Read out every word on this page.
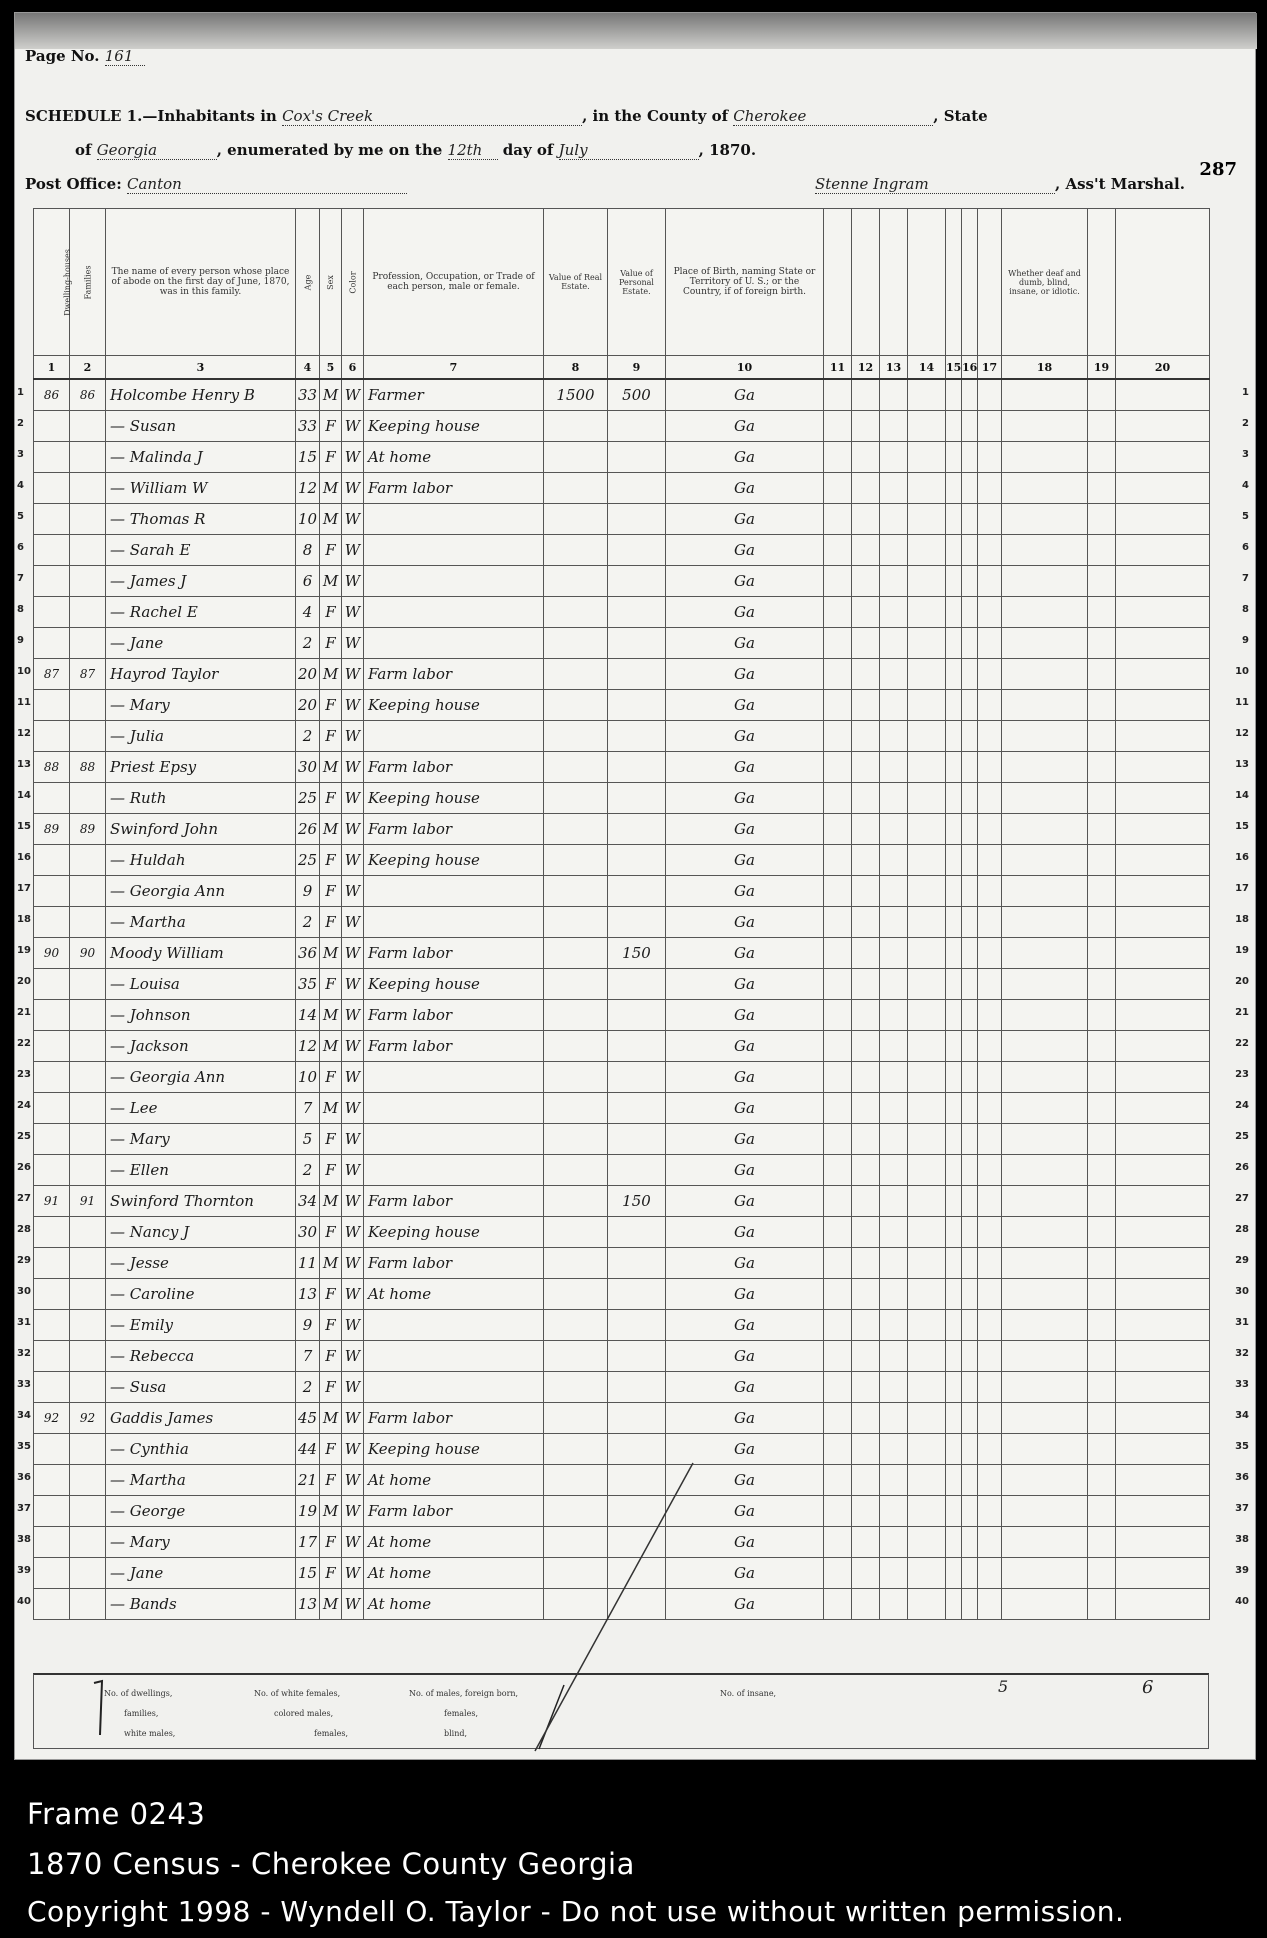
Page No. 161
SCHEDULE 1.—Inhabitants in Cox's Creek	, in the County of Cherokee	, State
of Georgia	, enumerated by me on the 12th day of July	, 1870.
Post Office: Canton	Stenne Ingram	, Ass't Marshal.
287
Dwelling-houses	Families	The name of every person whose place of abode on the first day of June, 1870, was in this family.	Age	Sex	Color	Profession, Occupation, or Trade of each person, male or female.	Value of Real Estate.	Value of Personal Estate.	Place of Birth, naming State or Territory of U. S.; or the Country, if of foreign birth.								Whether deaf and dumb, blind, insane, or idiotic.		
1	2	3	4	5	6	7	8	9	10	11	12	13	14	15	16	17	18	19	20
86	86	Holcombe Henry B	33	M	W	Farmer	1500	500	Ga										
		— Susan	33	F	W	Keeping house			Ga										
		— Malinda J	15	F	W	At home			Ga										
		— William W	12	M	W	Farm labor			Ga										
		— Thomas R	10	M	W				Ga										
		— Sarah E	8	F	W				Ga										
		— James J	6	M	W				Ga										
		— Rachel E	4	F	W				Ga										
		— Jane	2	F	W				Ga										
87	87	Hayrod Taylor	20	M	W	Farm labor			Ga										
		— Mary	20	F	W	Keeping house			Ga										
		— Julia	2	F	W				Ga										
88	88	Priest Epsy	30	M	W	Farm labor			Ga										
		— Ruth	25	F	W	Keeping house			Ga										
89	89	Swinford John	26	M	W	Farm labor			Ga										
		— Huldah	25	F	W	Keeping house			Ga										
		— Georgia Ann	9	F	W				Ga										
		— Martha	2	F	W				Ga										
90	90	Moody William	36	M	W	Farm labor		150	Ga										
		— Louisa	35	F	W	Keeping house			Ga										
		— Johnson	14	M	W	Farm labor			Ga										
		— Jackson	12	M	W	Farm labor			Ga										
		— Georgia Ann	10	F	W				Ga										
		— Lee	7	M	W				Ga										
		— Mary	5	F	W				Ga										
		— Ellen	2	F	W				Ga										
91	91	Swinford Thornton	34	M	W	Farm labor		150	Ga										
		— Nancy J	30	F	W	Keeping house			Ga										
		— Jesse	11	M	W	Farm labor			Ga										
		— Caroline	13	F	W	At home			Ga										
		— Emily	9	F	W				Ga										
		— Rebecca	7	F	W				Ga										
		— Susa	2	F	W				Ga										
92	92	Gaddis James	45	M	W	Farm labor			Ga										
		— Cynthia	44	F	W	Keeping house			Ga										
		— Martha	21	F	W	At home			Ga										
		— George	19	M	W	Farm labor			Ga										
		— Mary	17	F	W	At home			Ga										
		— Jane	15	F	W	At home			Ga										
		— Bands	13	M	W	At home			Ga										
No. of dwellings,
families,
white males,
No. of white females,
colored males,
females,
No. of males, foreign born,
females,
blind,
No. of insane,	5	6
1	1
2	2
3	3
4	4
5	5
6	6
7	7
8	8
9	9
10	10
11	11
12	12
13	13
14	14
15	15
16	16
17	17
18	18
19	19
20	20
21	21
22	22
23	23
24	24
25	25
26	26
27	27
28	28
29	29
30	30
31	31
32	32
33	33
34	34
35	35
36	36
37	37
38	38
39	39
40	40
Frame 0243
1870 Census - Cherokee County Georgia
Copyright 1998 - Wyndell O. Taylor - Do not use without written permission.
